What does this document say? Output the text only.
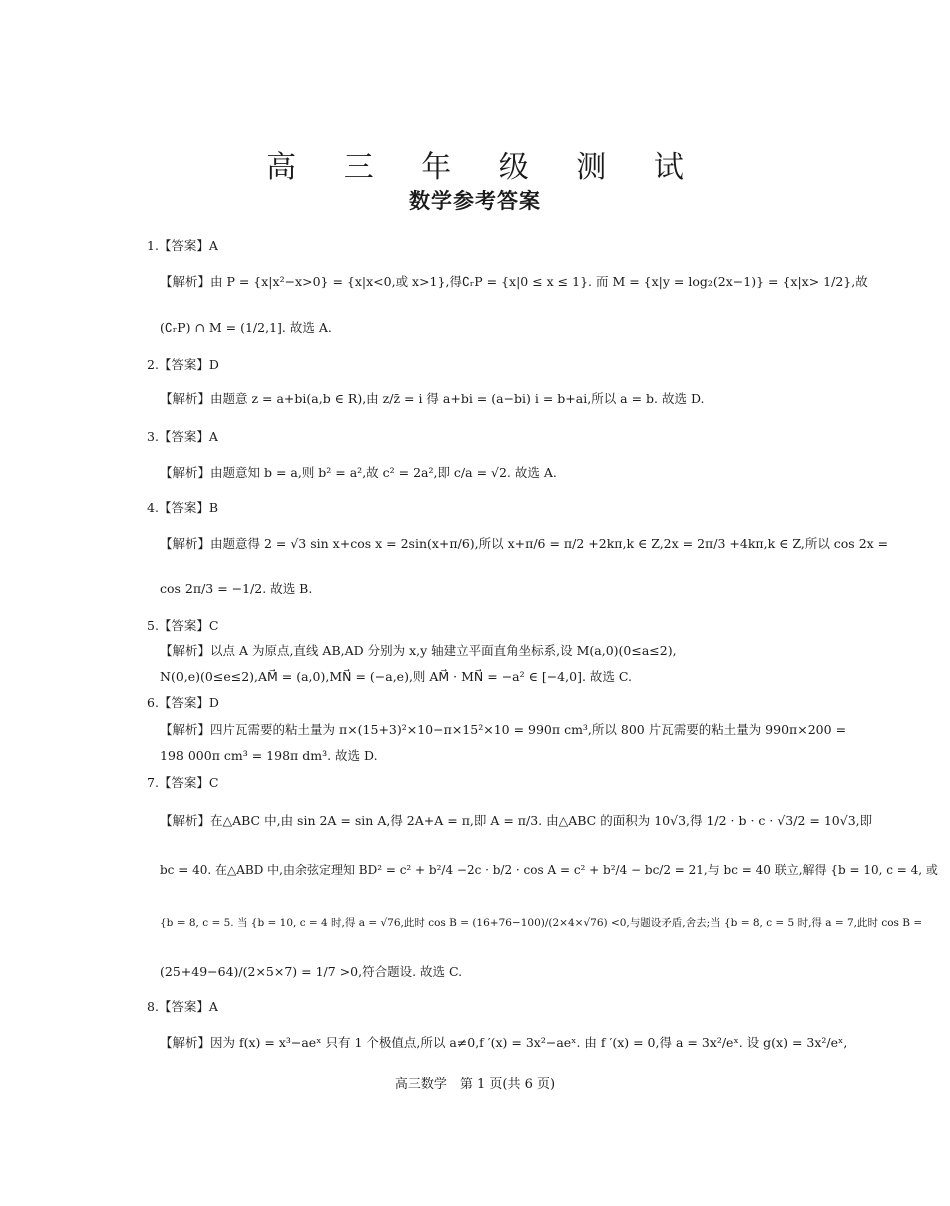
高 三 年 级 测 试
数学参考答案
1.【答案】A
【解析】由 P = {x|x²−x>0} = {x|x<0,或 x>1},得∁ᵣP = {x|0 ≤ x ≤ 1}. 而 M = {x|y = log₂(2x−1)} = {x|x> 1/2},故
(∁ᵣP) ∩ M = (1/2,1]. 故选 A.
2.【答案】D
【解析】由题意 z = a+bi(a,b ∈ R),由 z/z̄ = i 得 a+bi = (a−bi) i = b+ai,所以 a = b. 故选 D.
3.【答案】A
【解析】由题意知 b = a,则 b² = a²,故 c² = 2a²,即 c/a = √2. 故选 A.
4.【答案】B
【解析】由题意得 2 = √3 sin x+cos x = 2sin(x+π/6),所以 x+π/6 = π/2 +2kπ,k ∈ Z,2x = 2π/3 +4kπ,k ∈ Z,所以 cos 2x =
cos 2π/3 = −1/2. 故选 B.
5.【答案】C
【解析】以点 A 为原点,直线 AB,AD 分别为 x,y 轴建立平面直角坐标系,设 M(a,0)(0≤a≤2),
N(0,e)(0≤e≤2),AM⃗ = (a,0),MN⃗ = (−a,e),则 AM⃗ · MN⃗ = −a² ∈ [−4,0]. 故选 C.
6.【答案】D
【解析】四片瓦需要的粘土量为 π×(15+3)²×10−π×15²×10 = 990π cm³,所以 800 片瓦需要的粘土量为 990π×200 =
198 000π cm³ = 198π dm³. 故选 D.
7.【答案】C
【解析】在△ABC 中,由 sin 2A = sin A,得 2A+A = π,即 A = π/3. 由△ABC 的面积为 10√3,得 1/2 · b · c · √3/2 = 10√3,即
bc = 40. 在△ABD 中,由余弦定理知 BD² = c² + b²/4 −2c · b/2 · cos A = c² + b²/4 − bc/2 = 21,与 bc = 40 联立,解得 {b = 10, c = 4, 或
{b = 8, c = 5. 当 {b = 10, c = 4 时,得 a = √76,此时 cos B = (16+76−100)/(2×4×√76) <0,与题设矛盾,舍去;当 {b = 8, c = 5 时,得 a = 7,此时 cos B =
(25+49−64)/(2×5×7) = 1/7 >0,符合题设. 故选 C.
8.【答案】A
【解析】因为 f(x) = x³−aeˣ 只有 1 个极值点,所以 a≠0,f ′(x) = 3x²−aeˣ. 由 f ′(x) = 0,得 a = 3x²/eˣ. 设 g(x) = 3x²/eˣ,
高三数学　第 1 页(共 6 页)
